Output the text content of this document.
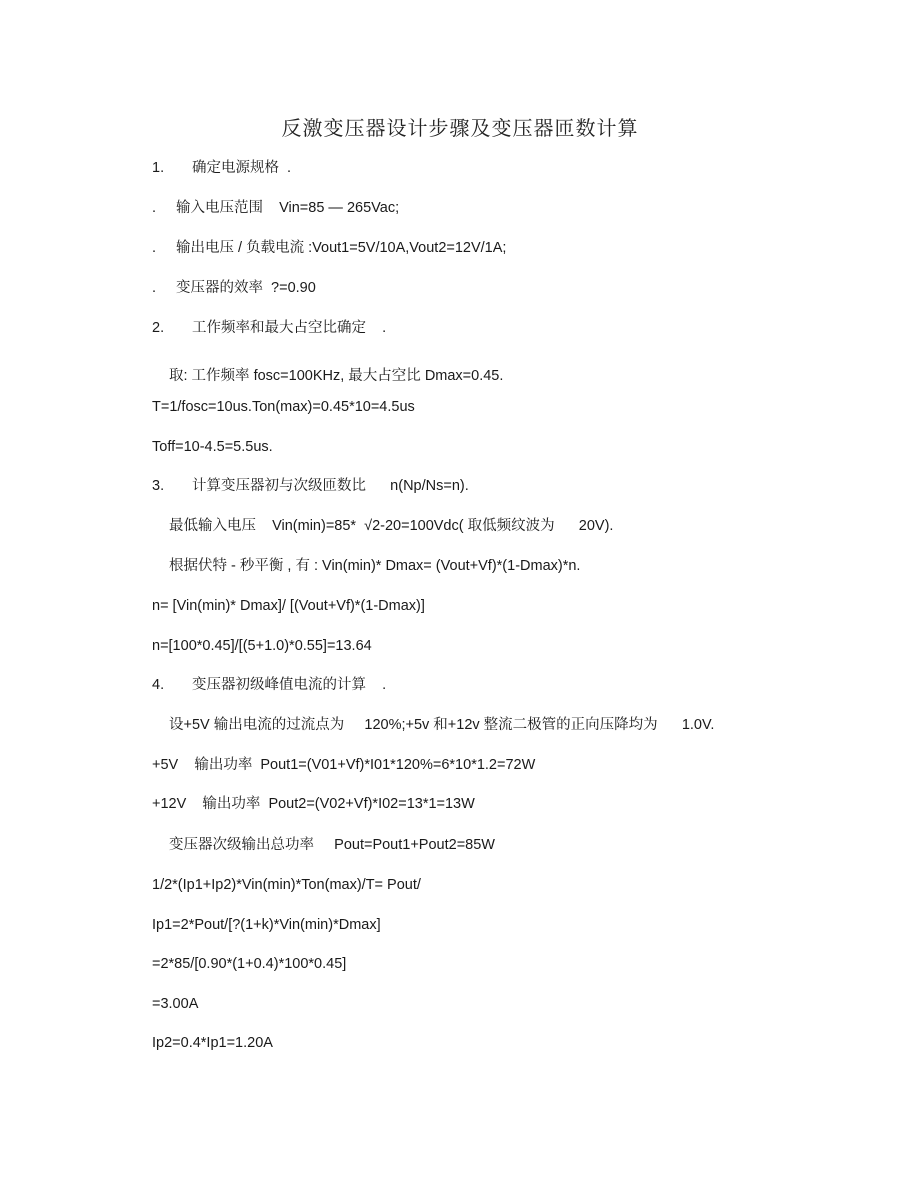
反激变压器设计步骤及变压器匝数计算
1. 确定电源规格  .
. 输入电压范围    Vin=85 — 265Vac;
. 输出电压 / 负载电流 :Vout1=5V/10A,Vout2=12V/1A;
. 变压器的效率  ?=0.90
2. 工作频率和最大占空比确定    .
取: 工作频率 fosc=100KHz, 最大占空比 Dmax=0.45.
T=1/fosc=10us.Ton(max)=0.45*10=4.5us
Toff=10-4.5=5.5us.
3. 计算变压器初与次级匝数比      n(Np/Ns=n).
最低输入电压    Vin(min)=85*  √2-20=100Vdc( 取低频纹波为      20V).
根据伏特 - 秒平衡 , 有 : Vin(min)* Dmax= (Vout+Vf)*(1-Dmax)*n.
n= [Vin(min)* Dmax]/ [(Vout+Vf)*(1-Dmax)]
n=[100*0.45]/[(5+1.0)*0.55]=13.64
4. 变压器初级峰值电流的计算    .
设+5V 输出电流的过流点为     120%;+5v 和+12v 整流二极管的正向压降均为      1.0V.
+5V    输出功率  Pout1=(V01+Vf)*I01*120%=6*10*1.2=72W
+12V    输出功率  Pout2=(V02+Vf)*I02=13*1=13W
变压器次级输出总功率     Pout=Pout1+Pout2=85W
1/2*(Ip1+Ip2)*Vin(min)*Ton(max)/T= Pout/
Ip1=2*Pout/[?(1+k)*Vin(min)*Dmax]
=2*85/[0.90*(1+0.4)*100*0.45]
=3.00A
Ip2=0.4*Ip1=1.20A
